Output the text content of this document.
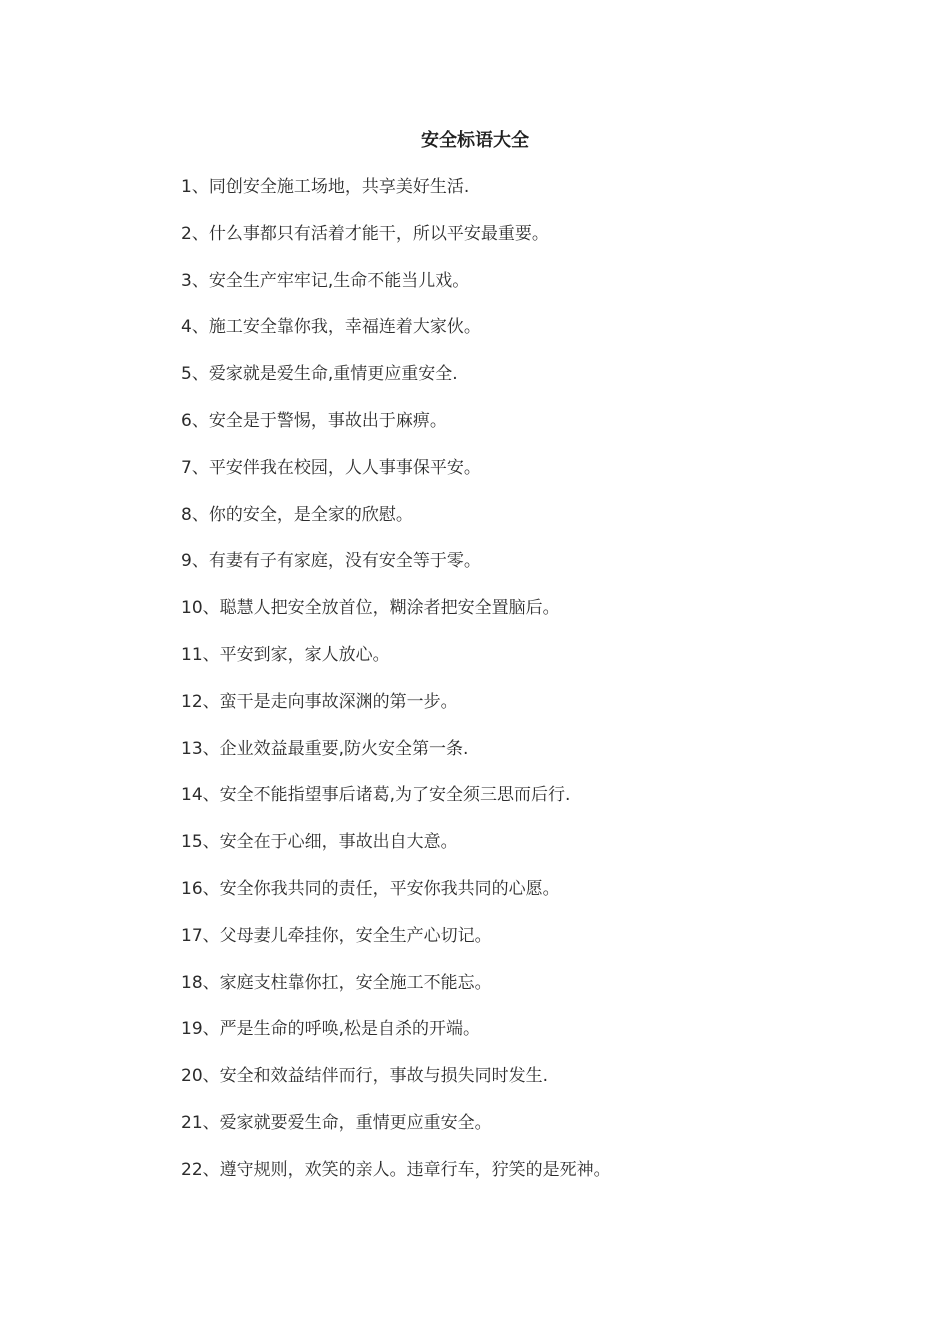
安全标语大全
1、同创安全施工场地，共享美好生活.
2、什么事都只有活着才能干，所以平安最重要。
3、安全生产牢牢记,生命不能当儿戏。
4、施工安全靠你我，幸福连着大家伙。
5、爱家就是爱生命,重情更应重安全.
6、安全是于警惕，事故出于麻痹。
7、平安伴我在校园，人人事事保平安。
8、你的安全，是全家的欣慰。
9、有妻有子有家庭，没有安全等于零。
10、聪慧人把安全放首位，糊涂者把安全置脑后。
11、平安到家，家人放心。
12、蛮干是走向事故深渊的第一步。
13、企业效益最重要,防火安全第一条.
14、安全不能指望事后诸葛,为了安全须三思而后行.
15、安全在于心细，事故出自大意。
16、安全你我共同的责任，平安你我共同的心愿。
17、父母妻儿牵挂你，安全生产心切记。
18、家庭支柱靠你扛，安全施工不能忘。
19、严是生命的呼唤,松是自杀的开端。
20、安全和效益结伴而行，事故与损失同时发生.
21、爱家就要爱生命，重情更应重安全。
22、遵守规则，欢笑的亲人。违章行车，狞笑的是死神。
